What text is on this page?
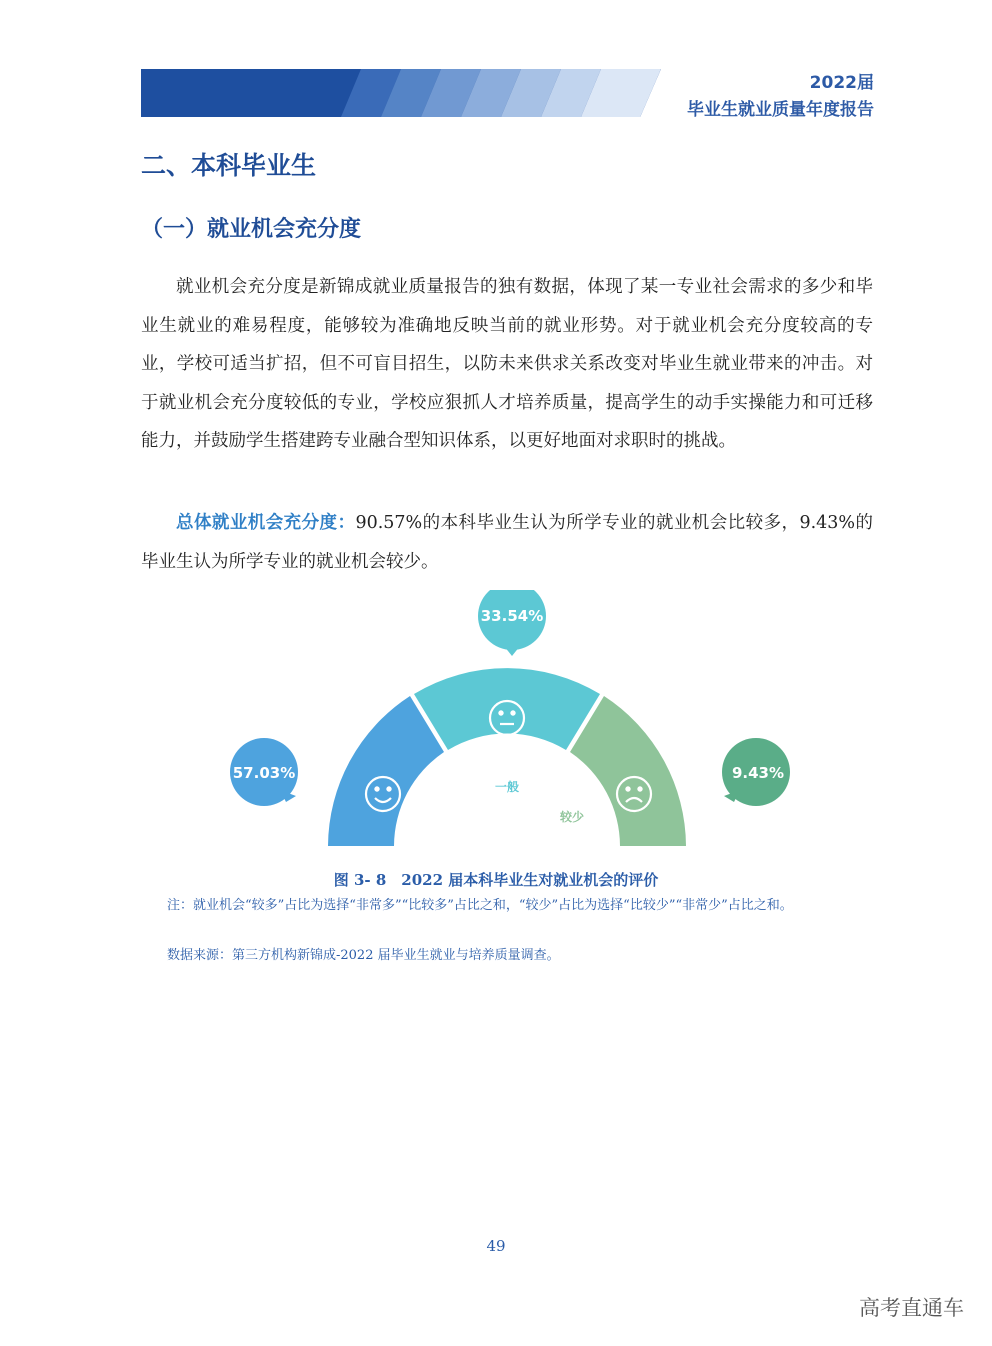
2022届
毕业生就业质量年度报告
二、本科毕业生
（一）就业机会充分度

就业机会充分度是新锦成就业质量报告的独有数据，体现了某一专业社会需求的多少和毕业生就业的难易程度，能够较为准确地反映当前的就业形势。对于就业机会充分度较高的专业，学校可适当扩招，但不可盲目招生，以防未来供求关系改变对毕业生就业带来的冲击。对于就业机会充分度较低的专业，学校应狠抓人才培养质量，提高学生的动手实操能力和可迁移能力，并鼓励学生搭建跨专业融合型知识体系，以更好地面对求职时的挑战。

总体就业机会充分度：90.57%的本科毕业生认为所学专业的就业机会比较多，9.43%的毕业生认为所学专业的就业机会较少。

较多
一般
较少
33.54%
57.03%	9.43%
图 3- 8　2022 届本科毕业生对就业机会的评价

注：就业机会“较多”占比为选择“非常多”“比较多”占比之和，“较少”占比为选择“比较少”“非常少”占比之和。

数据来源：第三方机构新锦成-2022 届毕业生就业与培养质量调查。

49
高考直通车
